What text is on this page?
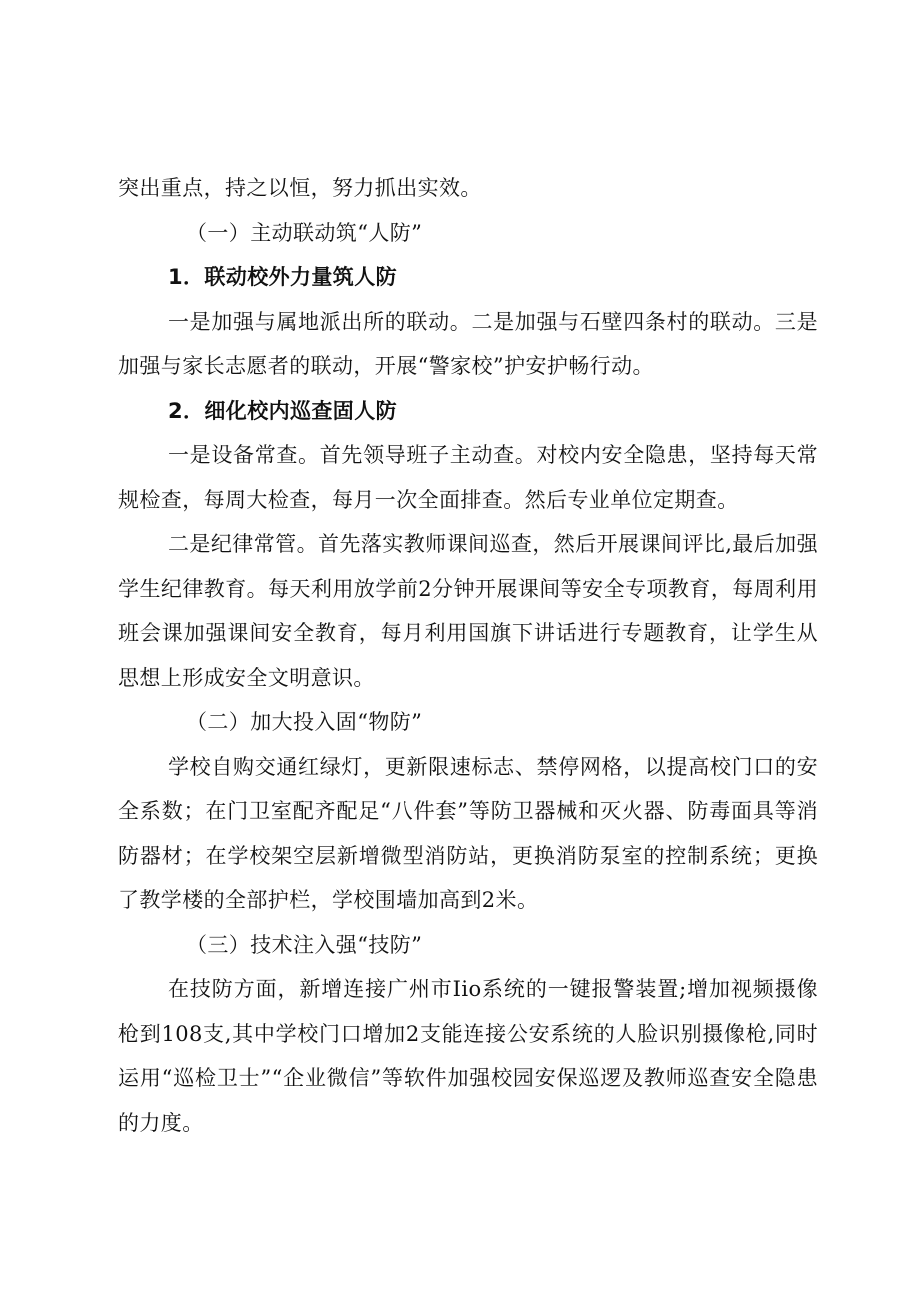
突出重点，持之以恒，努力抓出实效。

（一）主动联动筑“人防”

1．联动校外力量筑人防

一是加强与属地派出所的联动。二是加强与石壁四条村的联动。三是加强与家长志愿者的联动，开展“警家校”护安护畅行动。

2．细化校内巡查固人防

一是设备常查。首先领导班子主动查。对校内安全隐患，坚持每天常规检查，每周大检查，每月一次全面排查。然后专业单位定期查。

二是纪律常管。首先落实教师课间巡查，然后开展课间评比,最后加强学生纪律教育。每天利用放学前2分钟开展课间等安全专项教育，每周利用班会课加强课间安全教育，每月利用国旗下讲话进行专题教育，让学生从思想上形成安全文明意识。

（二）加大投入固“物防”

学校自购交通红绿灯，更新限速标志、禁停网格，以提高校门口的安全系数；在门卫室配齐配足“八件套”等防卫器械和灭火器、防毒面具等消防器材；在学校架空层新增微型消防站，更换消防泵室的控制系统；更换了教学楼的全部护栏，学校围墙加高到2米。

（三）技术注入强“技防”

在技防方面，新增连接广州市Iio系统的一键报警装置;增加视频摄像枪到108支,其中学校门口增加2支能连接公安系统的人脸识别摄像枪,同时运用“巡检卫士”“企业微信”等软件加强校园安保巡逻及教师巡查安全隐患的力度。
